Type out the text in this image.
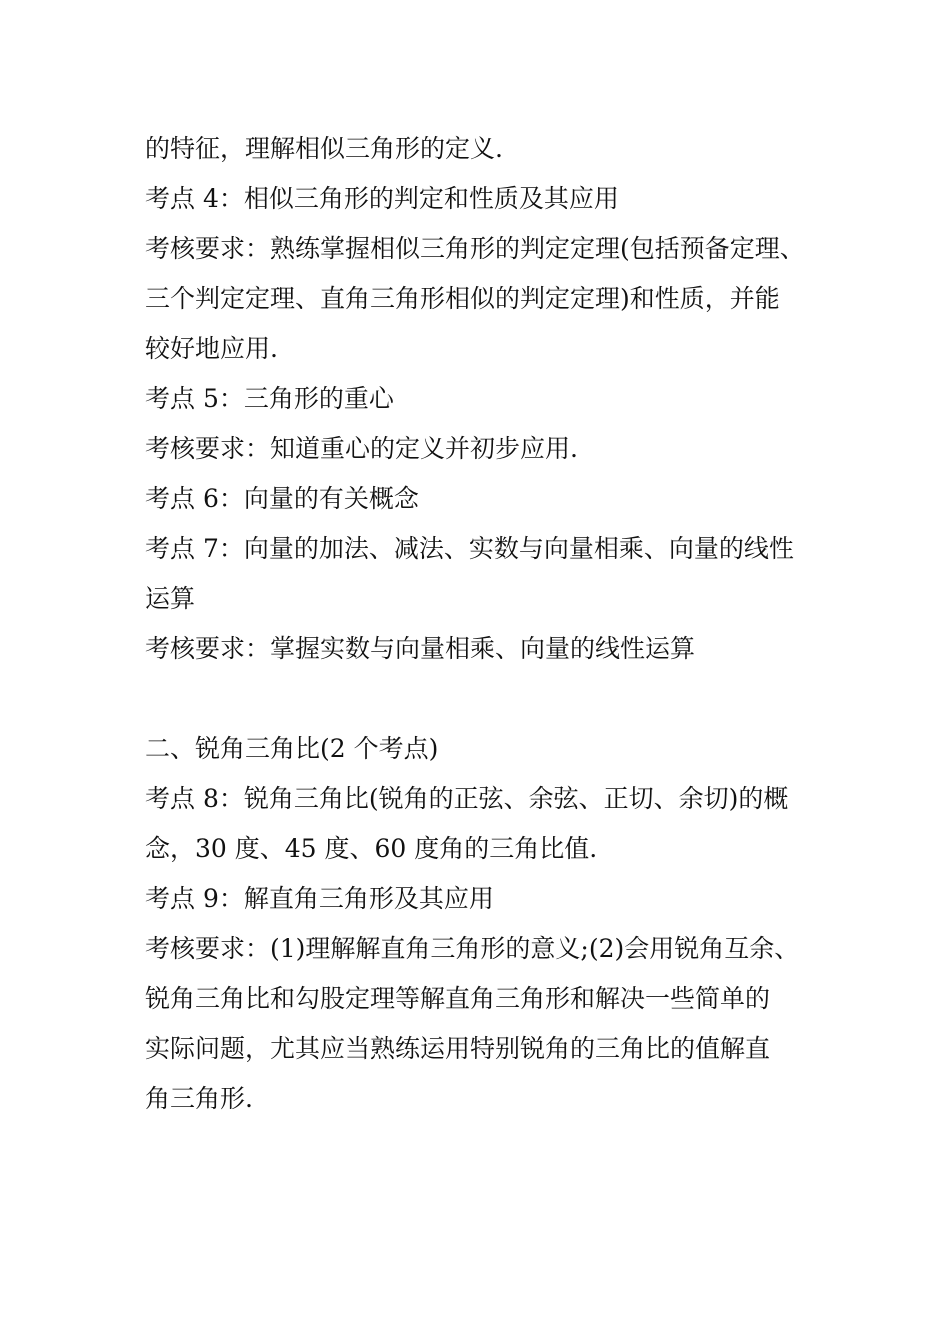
的特征，理解相似三角形的定义.
考点 4：相似三角形的判定和性质及其应用
考核要求：熟练掌握相似三角形的判定定理(包括预备定理、
三个判定定理、直角三角形相似的判定定理)和性质，并能
较好地应用.
考点 5：三角形的重心
考核要求：知道重心的定义并初步应用.
考点 6：向量的有关概念
考点 7：向量的加法、减法、实数与向量相乘、向量的线性
运算
考核要求：掌握实数与向量相乘、向量的线性运算
二、锐角三角比(2 个考点)
考点 8：锐角三角比(锐角的正弦、余弦、正切、余切)的概
念，30 度、45 度、60 度角的三角比值.
考点 9：解直角三角形及其应用
考核要求：(1)理解解直角三角形的意义;(2)会用锐角互余、
锐角三角比和勾股定理等解直角三角形和解决一些简单的
实际问题，尤其应当熟练运用特别锐角的三角比的值解直
角三角形.
